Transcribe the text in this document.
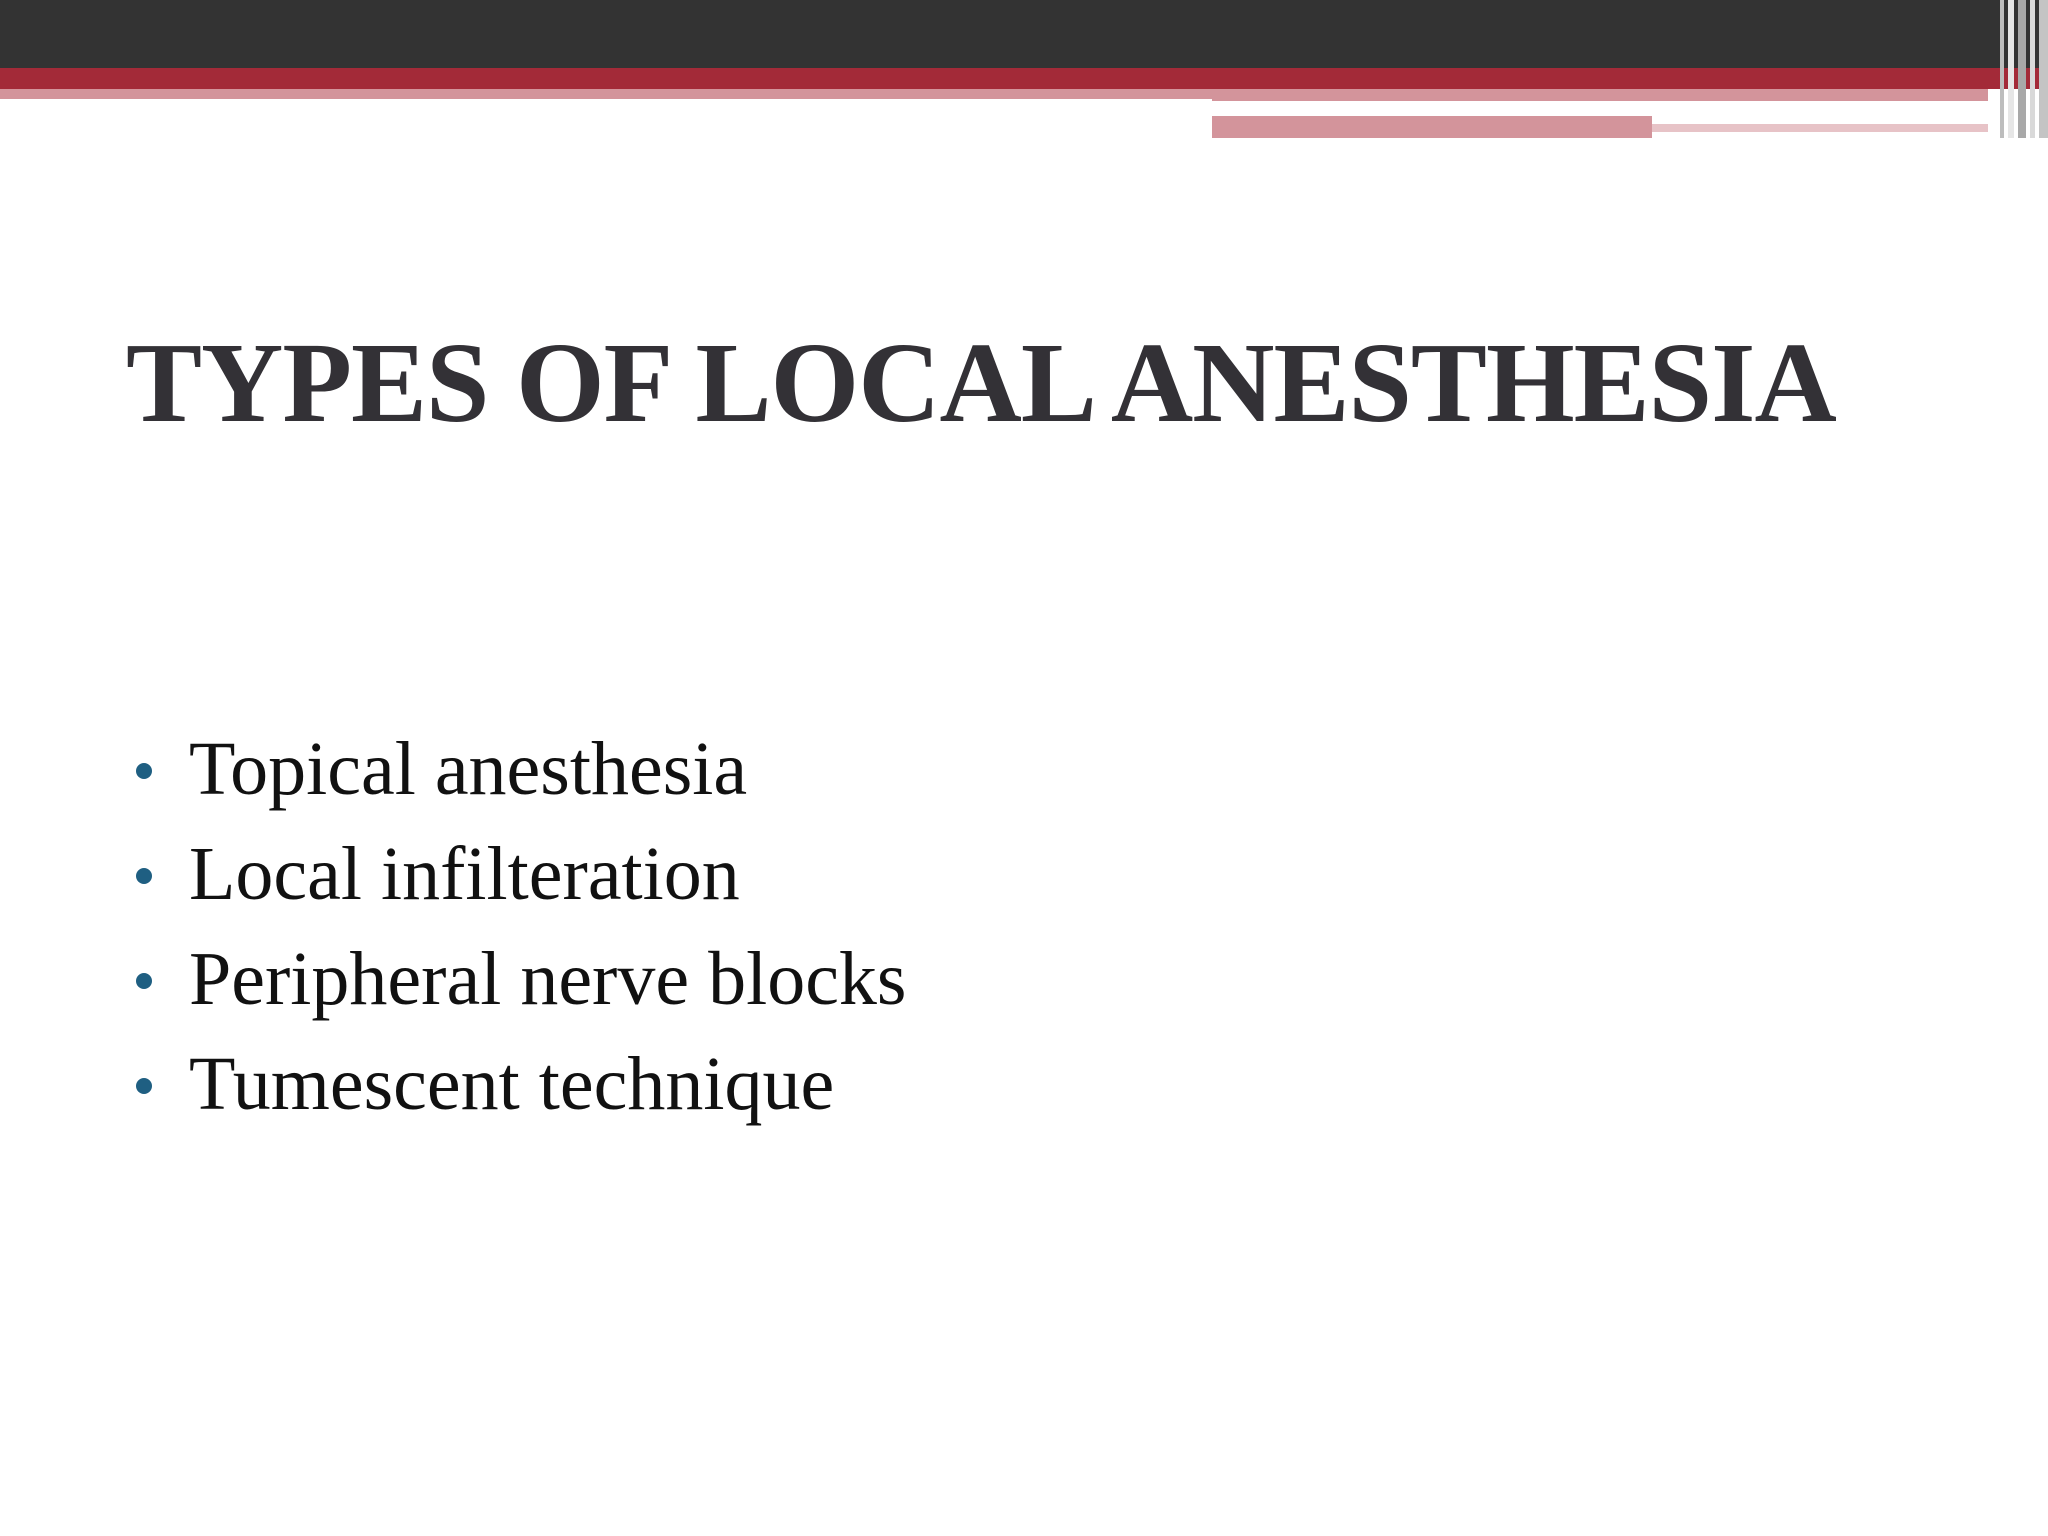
TYPES OF LOCAL ANESTHESIA
Topical anesthesia
Local infilteration
Peripheral nerve blocks
Tumescent technique
